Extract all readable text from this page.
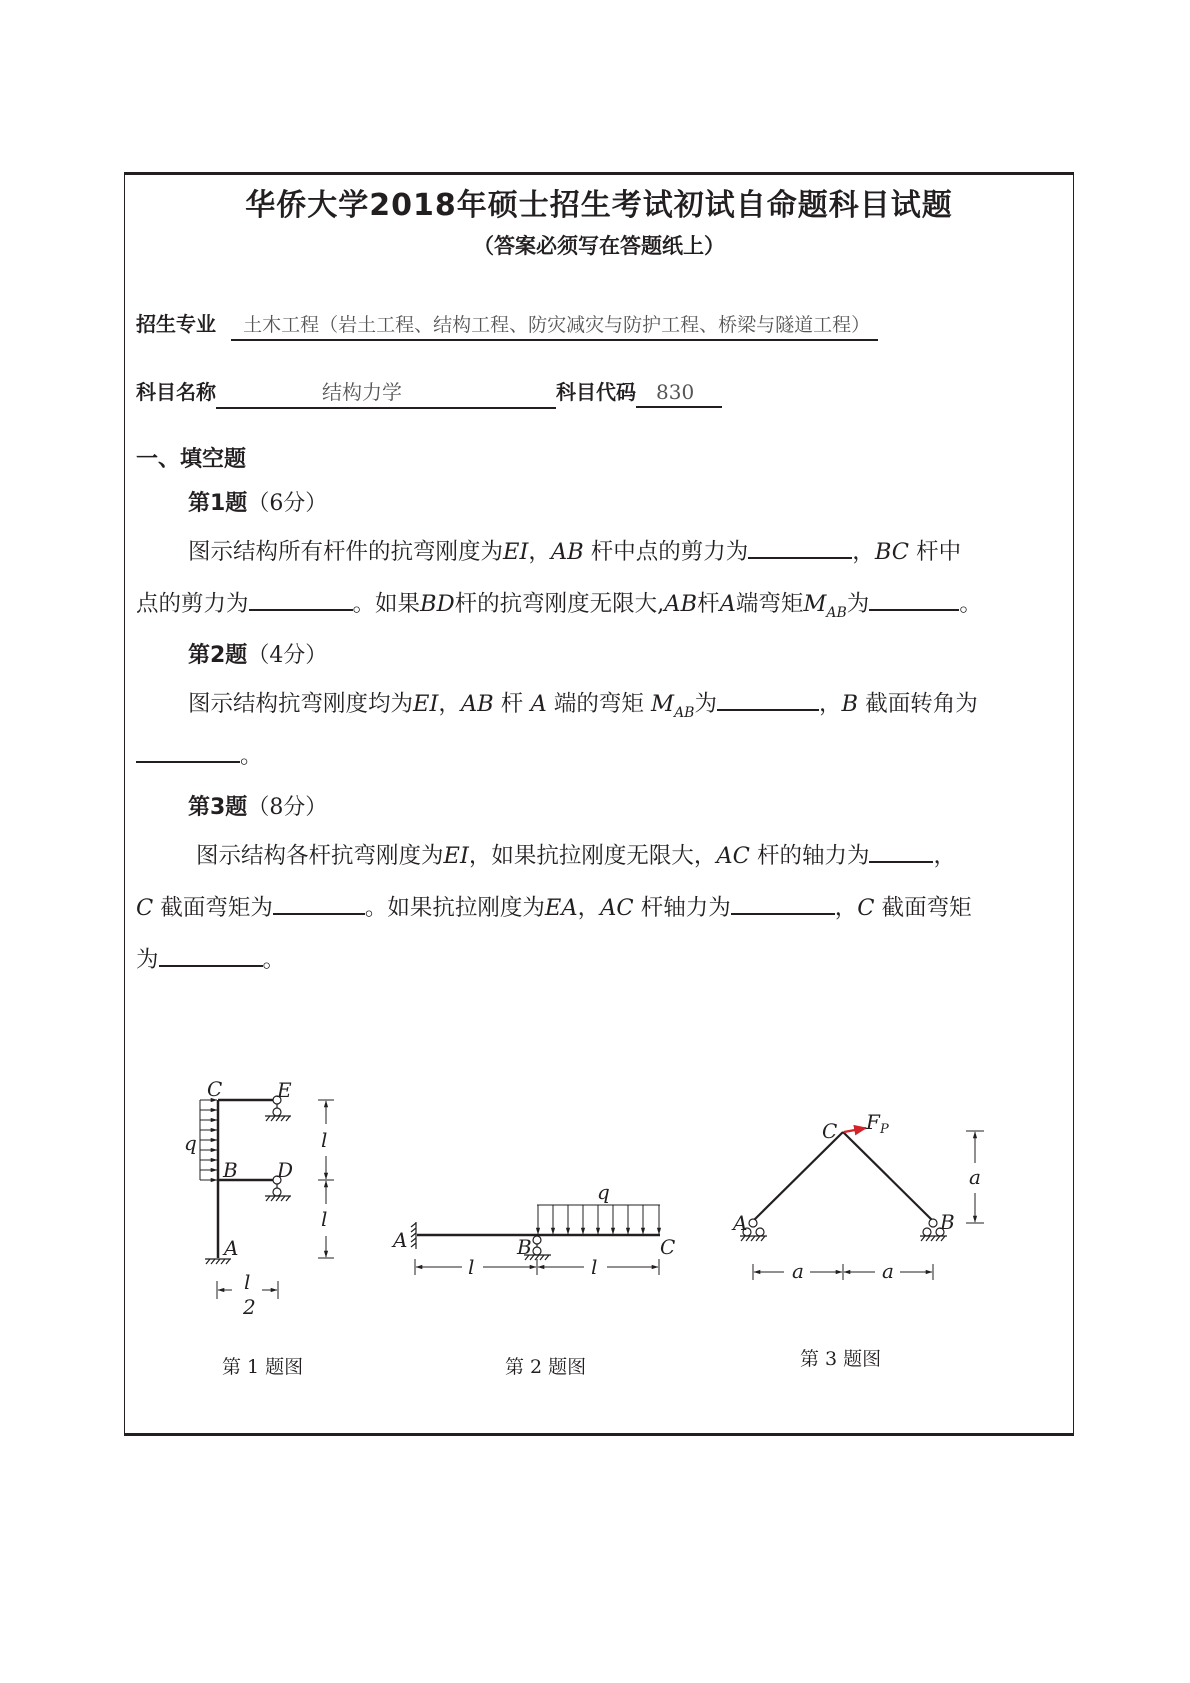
华侨大学2018年硕士招生考试初试自命题科目试题
（答案必须写在答题纸上）
招生专业 土木工程（岩土工程、结构工程、防灾减灾与防护工程、桥梁与隧道工程）
科目名称	结构力学	科目代码 830
一、填空题
第1题（6分）
图示结构所有杆件的抗弯刚度为EI，AB 杆中点的剪力为	，BC 杆中
点的剪力为	。如果BD杆的抗弯刚度无限大,AB杆A端弯矩$M_{AB}$为	。
第2题（4分）
图示结构抗弯刚度均为EI，AB 杆 A 端的弯矩 $M_{AB}$为	，B 截面转角为
。
第3题（8分）
图示结构各杆抗弯刚度为EI，如果抗拉刚度无限大，AC 杆的轴力为	，
C 截面弯矩为	。如果抗拉刚度为EA，AC 杆轴力为	，C 截面弯矩
为	。
C	E
q
B D
A
l
l
l
2
A	B	C
q
l	l
C F P
A	B
a
a	a
第 1 题图	第 2 题图	第 3 题图
